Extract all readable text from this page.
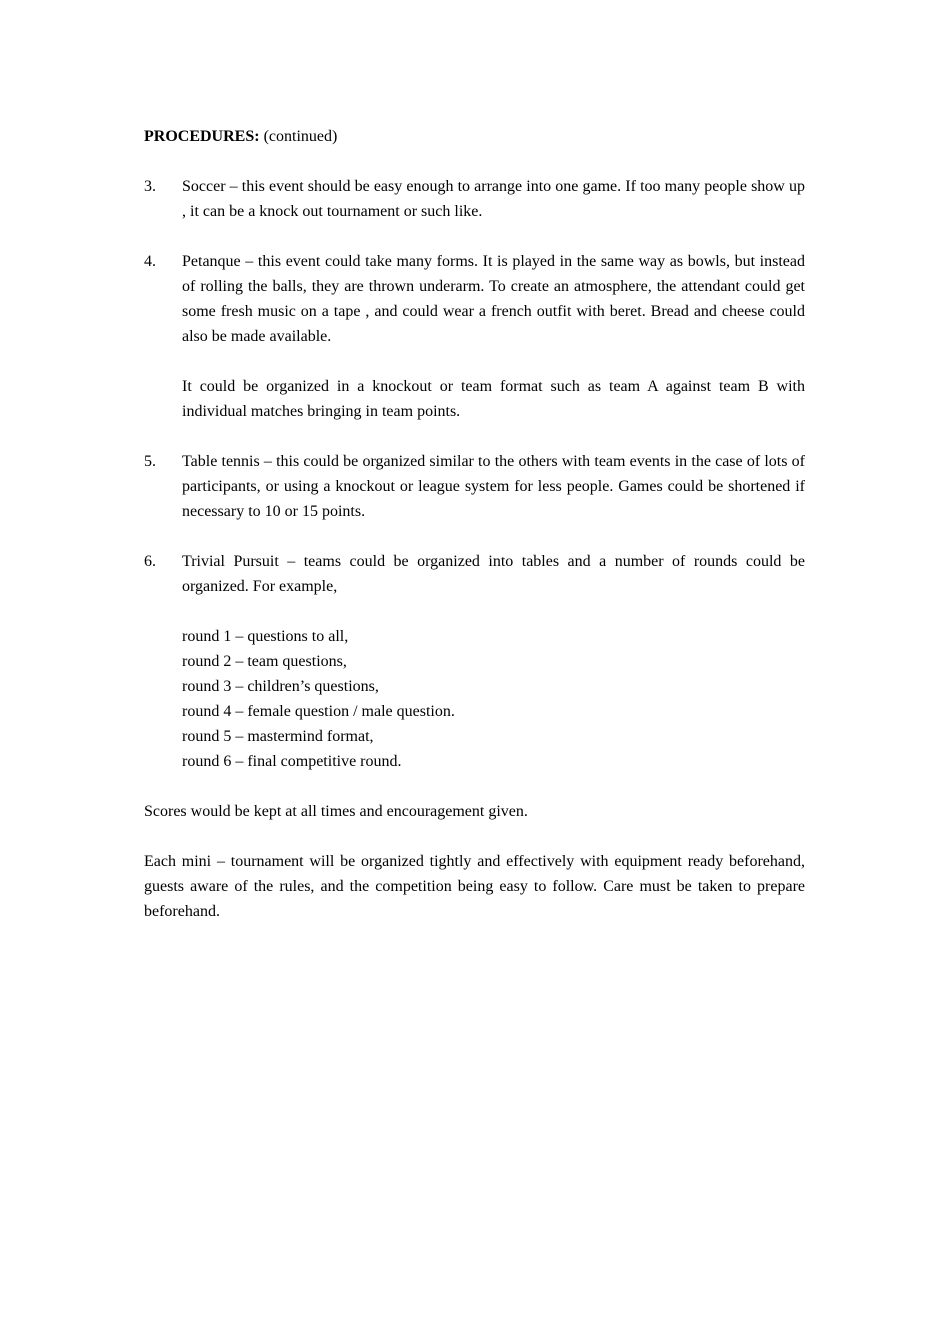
PROCEDURES: (continued)

3. Soccer – this event should be easy enough to arrange into one game. If too many people show up , it can be a knock out tournament or such like.
4. Petanque – this event could take many forms. It is played in the same way as bowls, but instead of rolling the balls, they are thrown underarm. To create an atmosphere, the attendant could get some fresh music on a tape , and could wear a french outfit with beret. Bread and cheese could also be made available.
It could be organized in a knockout or team format such as team A against team B with individual matches bringing in team points.
5. Table tennis – this could be organized similar to the others with team events in the case of lots of participants, or using a knockout or league system for less people. Games could be shortened if necessary to 10 or 15 points.
6. Trivial Pursuit – teams could be organized into tables and a number of rounds could be organized. For example,
round 1 – questions to all,
round 2 – team questions,
round 3 – children’s questions,
round 4 – female question / male question.
round 5 – mastermind format,
round 6 – final competitive round.

Scores would be kept at all times and encouragement given.

Each mini – tournament will be organized tightly and effectively with equipment ready beforehand, guests aware of the rules, and the competition being easy to follow. Care must be taken to prepare beforehand.
